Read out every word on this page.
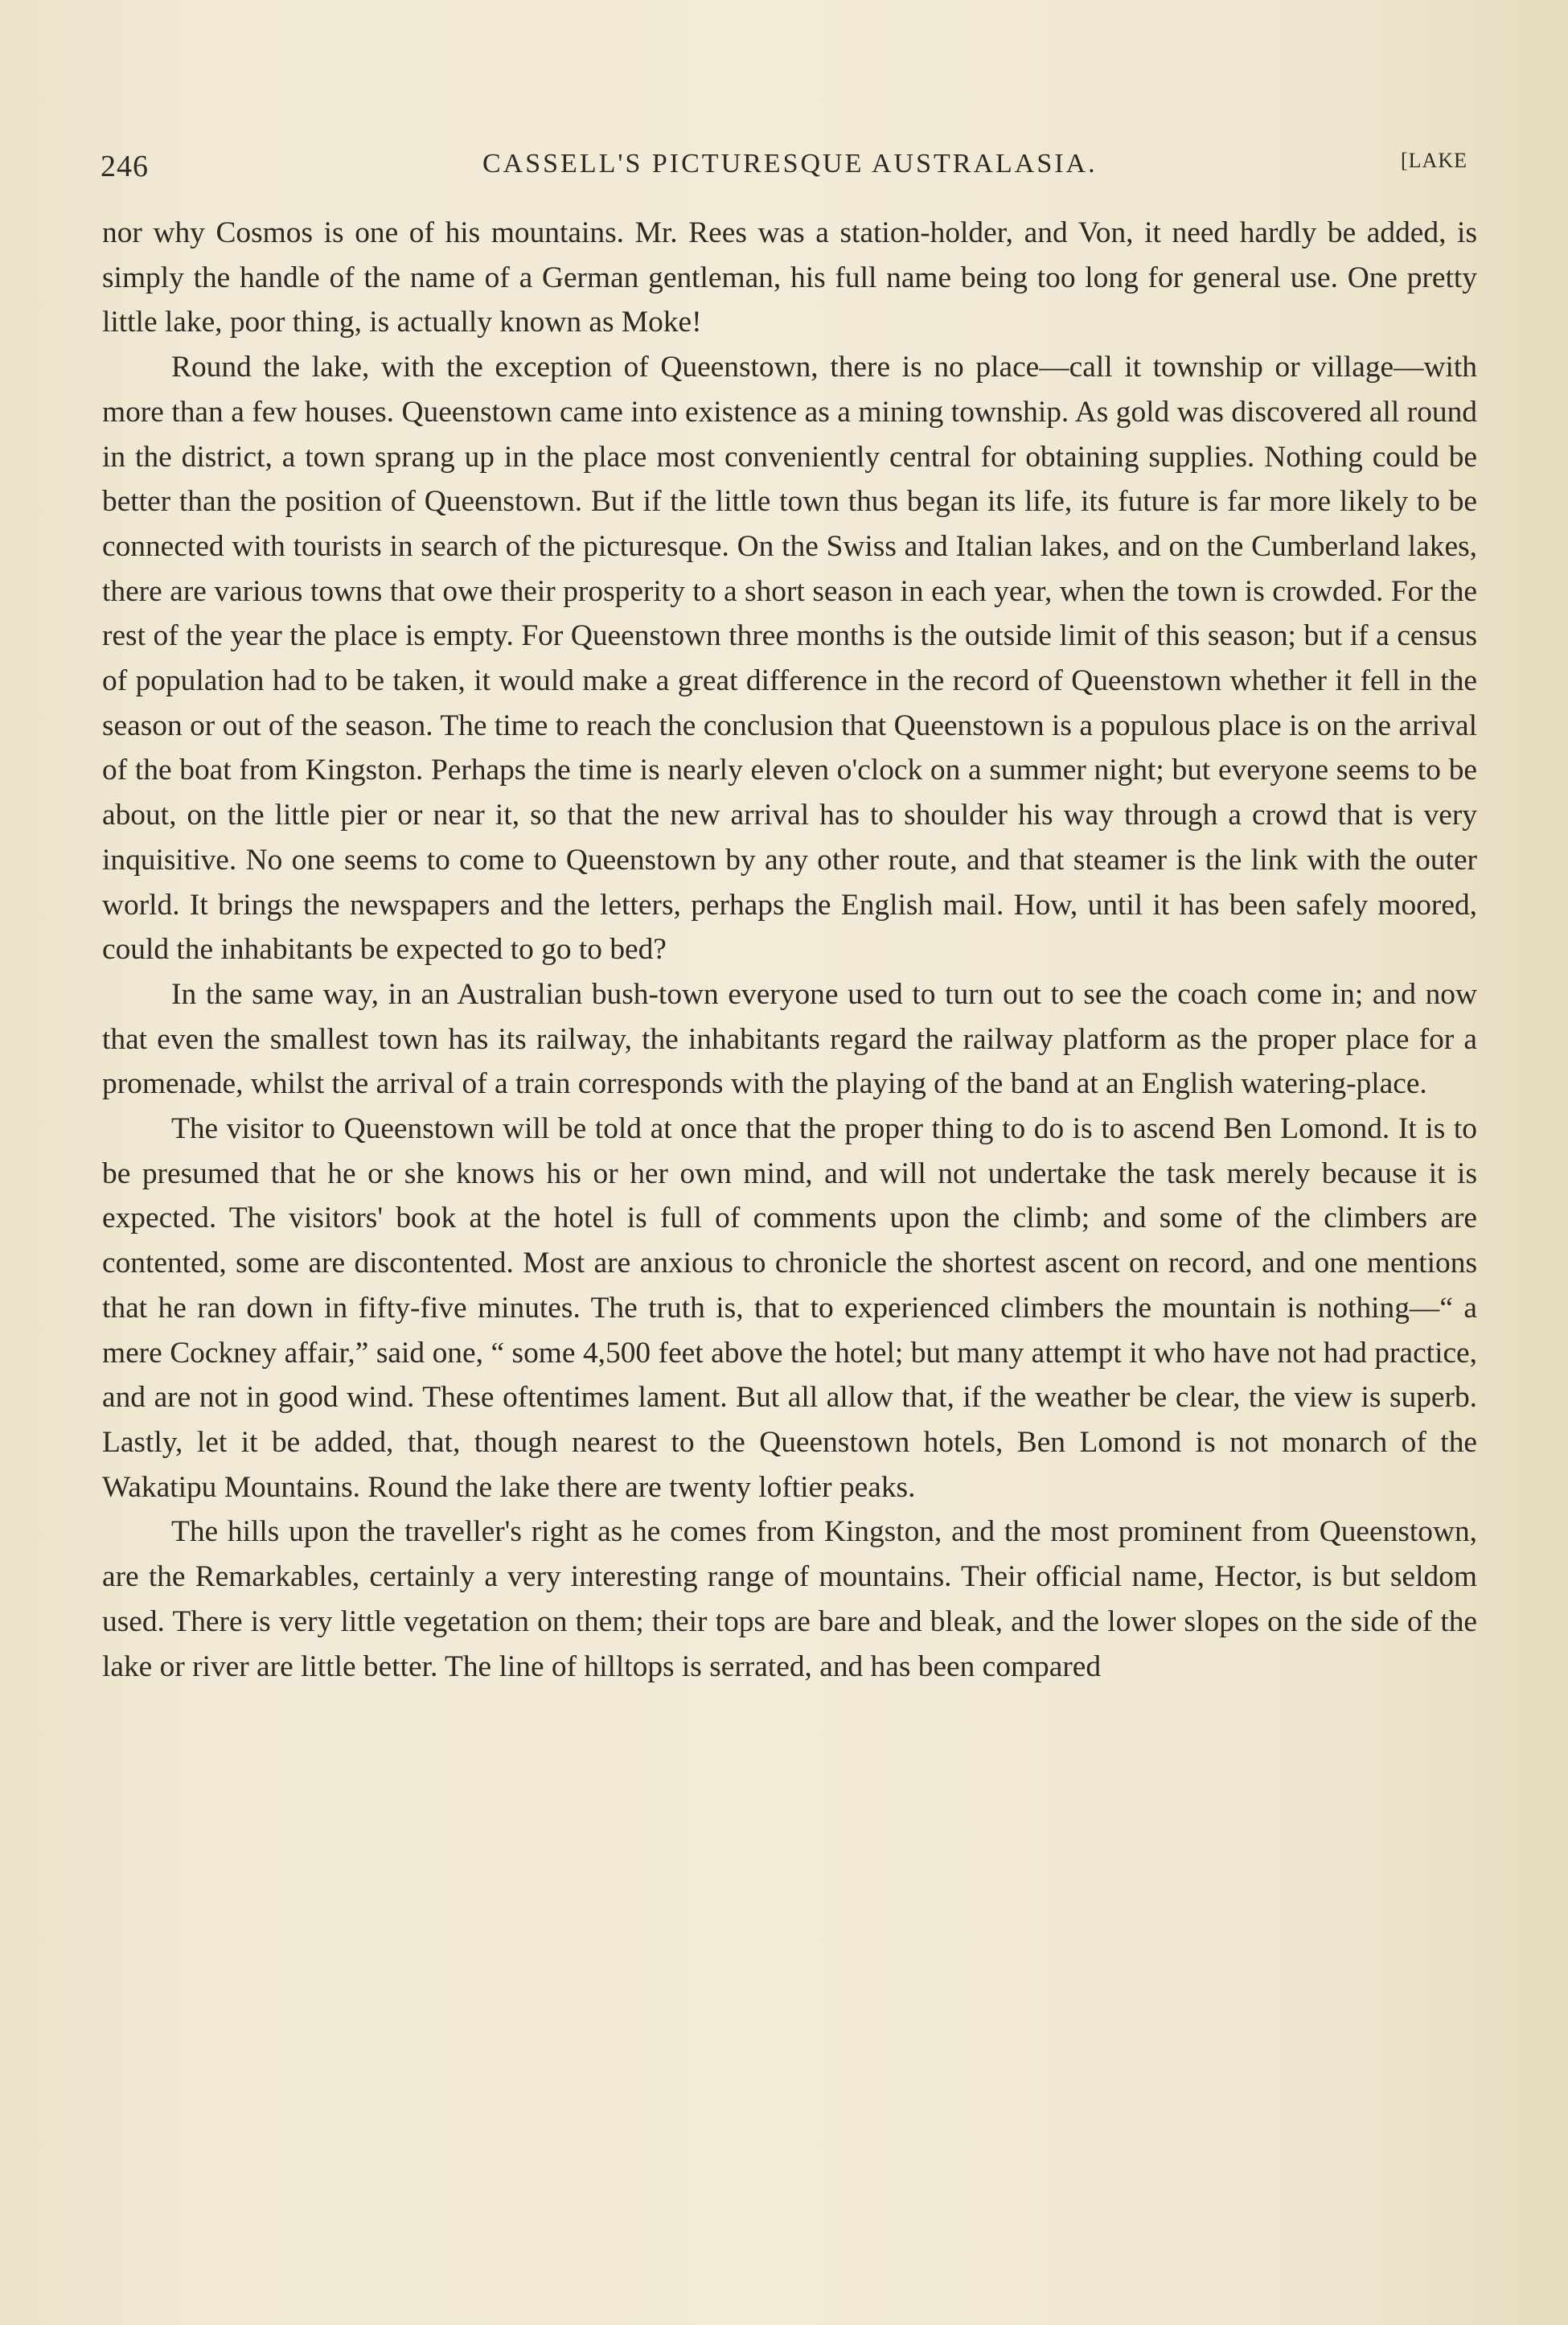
246	CASSELL'S PICTURESQUE AUSTRALASIA.	[LAKE

nor why Cosmos is one of his mountains. Mr. Rees was a station-holder, and Von, it need hardly be added, is simply the handle of the name of a German gentleman, his full name being too long for general use. One pretty little lake, poor thing, is actually known as Moke!

Round the lake, with the exception of Queenstown, there is no place—call it township or village—with more than a few houses. Queenstown came into existence as a mining township. As gold was discovered all round in the district, a town sprang up in the place most conveniently central for obtaining supplies. Nothing could be better than the position of Queenstown. But if the little town thus began its life, its future is far more likely to be connected with tourists in search of the picturesque. On the Swiss and Italian lakes, and on the Cumberland lakes, there are various towns that owe their prosperity to a short season in each year, when the town is crowded. For the rest of the year the place is empty. For Queenstown three months is the outside limit of this season; but if a census of population had to be taken, it would make a great difference in the record of Queenstown whether it fell in the season or out of the season. The time to reach the conclusion that Queenstown is a populous place is on the arrival of the boat from Kingston. Perhaps the time is nearly eleven o'clock on a summer night; but everyone seems to be about, on the little pier or near it, so that the new arrival has to shoulder his way through a crowd that is very inquisitive. No one seems to come to Queenstown by any other route, and that steamer is the link with the outer world. It brings the newspapers and the letters, perhaps the English mail. How, until it has been safely moored, could the inhabitants be expected to go to bed?

In the same way, in an Australian bush-town everyone used to turn out to see the coach come in; and now that even the smallest town has its railway, the inhabitants regard the railway platform as the proper place for a promenade, whilst the arrival of a train corresponds with the playing of the band at an English watering-place.

The visitor to Queenstown will be told at once that the proper thing to do is to ascend Ben Lomond. It is to be presumed that he or she knows his or her own mind, and will not undertake the task merely because it is expected. The visitors' book at the hotel is full of comments upon the climb; and some of the climbers are contented, some are discontented. Most are anxious to chronicle the shortest ascent on record, and one mentions that he ran down in fifty-five minutes. The truth is, that to experienced climbers the mountain is nothing—“ a mere Cockney affair,” said one, “ some 4,500 feet above the hotel; but many attempt it who have not had practice, and are not in good wind. These oftentimes lament. But all allow that, if the weather be clear, the view is superb. Lastly, let it be added, that, though nearest to the Queenstown hotels, Ben Lomond is not monarch of the Wakatipu Mountains. Round the lake there are twenty loftier peaks.

The hills upon the traveller's right as he comes from Kingston, and the most prominent from Queenstown, are the Remarkables, certainly a very interesting range of mountains. Their official name, Hector, is but seldom used. There is very little vegetation on them; their tops are bare and bleak, and the lower slopes on the side of the lake or river are little better. The line of hilltops is serrated, and has been compared
